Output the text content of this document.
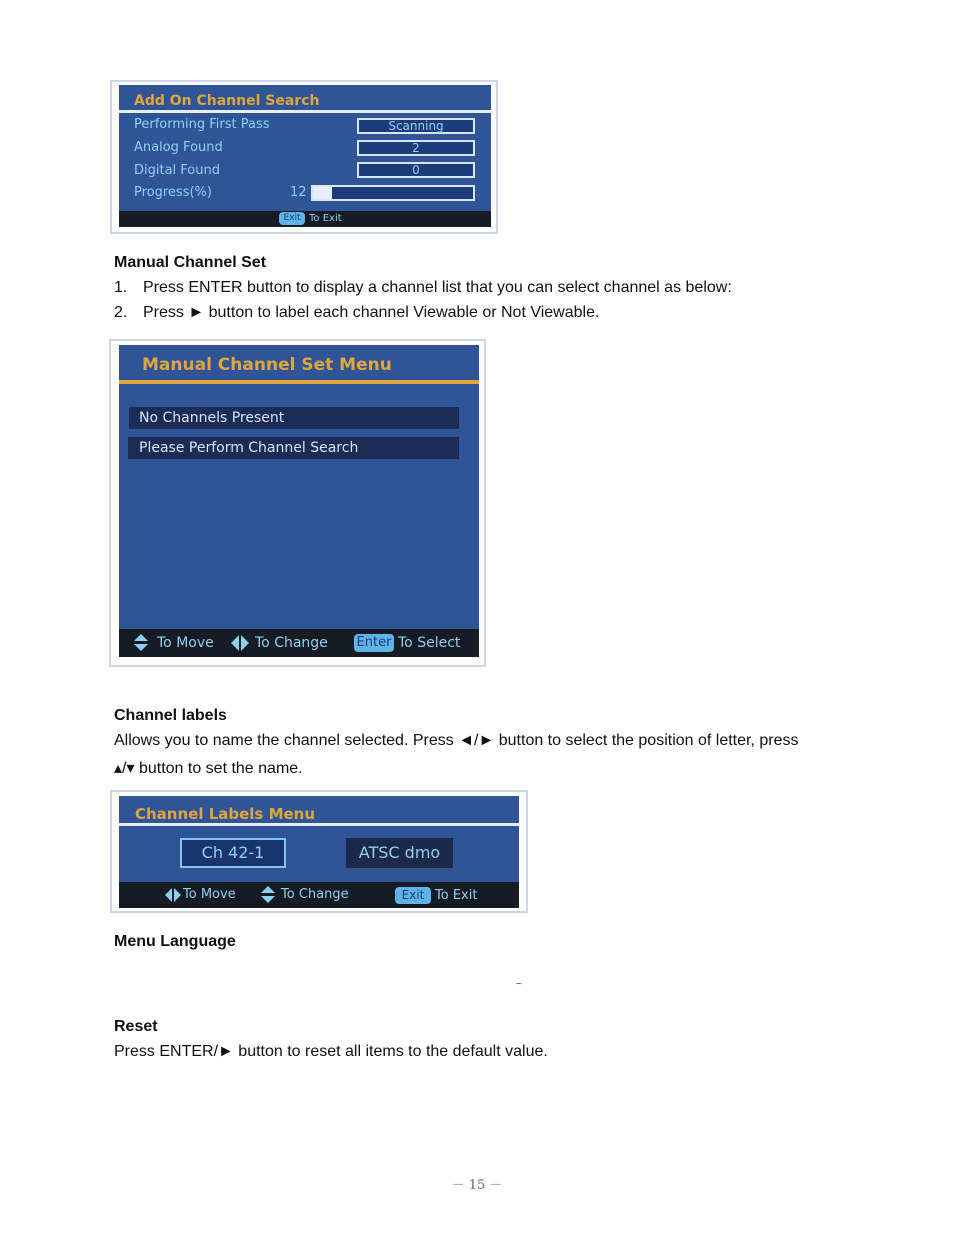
Add On Channel Search
Performing First Pass	Scanning
Analog Found	2
Digital Found	0
Progress(%)	12
Exit To Exit
Manual Channel Set
1. Press ENTER button to display a channel list that you can select channel as below:
2. Press ► button to label each channel Viewable or Not Viewable.
Manual Channel Set Menu
No Channels Present
Please Perform Channel Search
To Move	To Change Enter To Select
Channel labels
Allows you to name the channel selected. Press ◄/► button to select the position of letter, press
▴/▾ button to set the name.
Channel Labels Menu
Ch 42-1	ATSC dmo
To Move	To Change	Exit To Exit
Menu Language
~
Reset
Press ENTER/► button to reset all items to the default value.
－ 15 －
